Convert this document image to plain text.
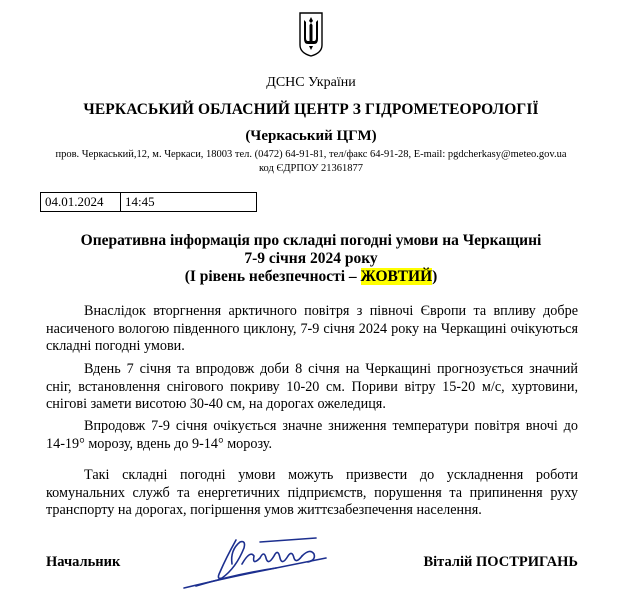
ДСНС України
ЧЕРКАСЬКИЙ ОБЛАСНИЙ ЦЕНТР З ГІДРОМЕТЕОРОЛОГІЇ
(Черкаський ЦГМ)
пров. Черкаський,12, м. Черкаси, 18003 тел. (0472) 64-91-81, тел/факс 64-91-28, E-mail: pgdcherkasy@meteo.gov.ua
код ЄДРПОУ 21361877
04.01.2024	14:45
Оперативна інформація про складні погодні умови на Черкащині
7-9 січня 2024 року
(І рівень небезпечності – ЖОВТИЙ)
Внаслідок вторгнення арктичного повітря з півночі Європи та впливу добре насиченого вологою південного циклону, 7-9 січня 2024 року на Черкащині очікуються складні погодні умови.
Вдень 7 січня та впродовж доби 8 січня на Черкащині прогнозується значний сніг, встановлення снігового покриву 10-20 см. Пориви вітру 15-20 м/с, хуртовини, снігові замети висотою 30-40 см, на дорогах ожеледиця.
Впродовж 7-9 січня очікується значне зниження температури повітря вночі до 14-19° морозу, вдень до 9-14° морозу.
Такі складні погодні умови можуть призвести до ускладнення роботи комунальних служб та енергетичних підприємств, порушення та припинення руху транспорту на дорогах, погіршення умов життєзабезпечення населення.
Начальник	Віталій ПОСТРИГАНЬ
